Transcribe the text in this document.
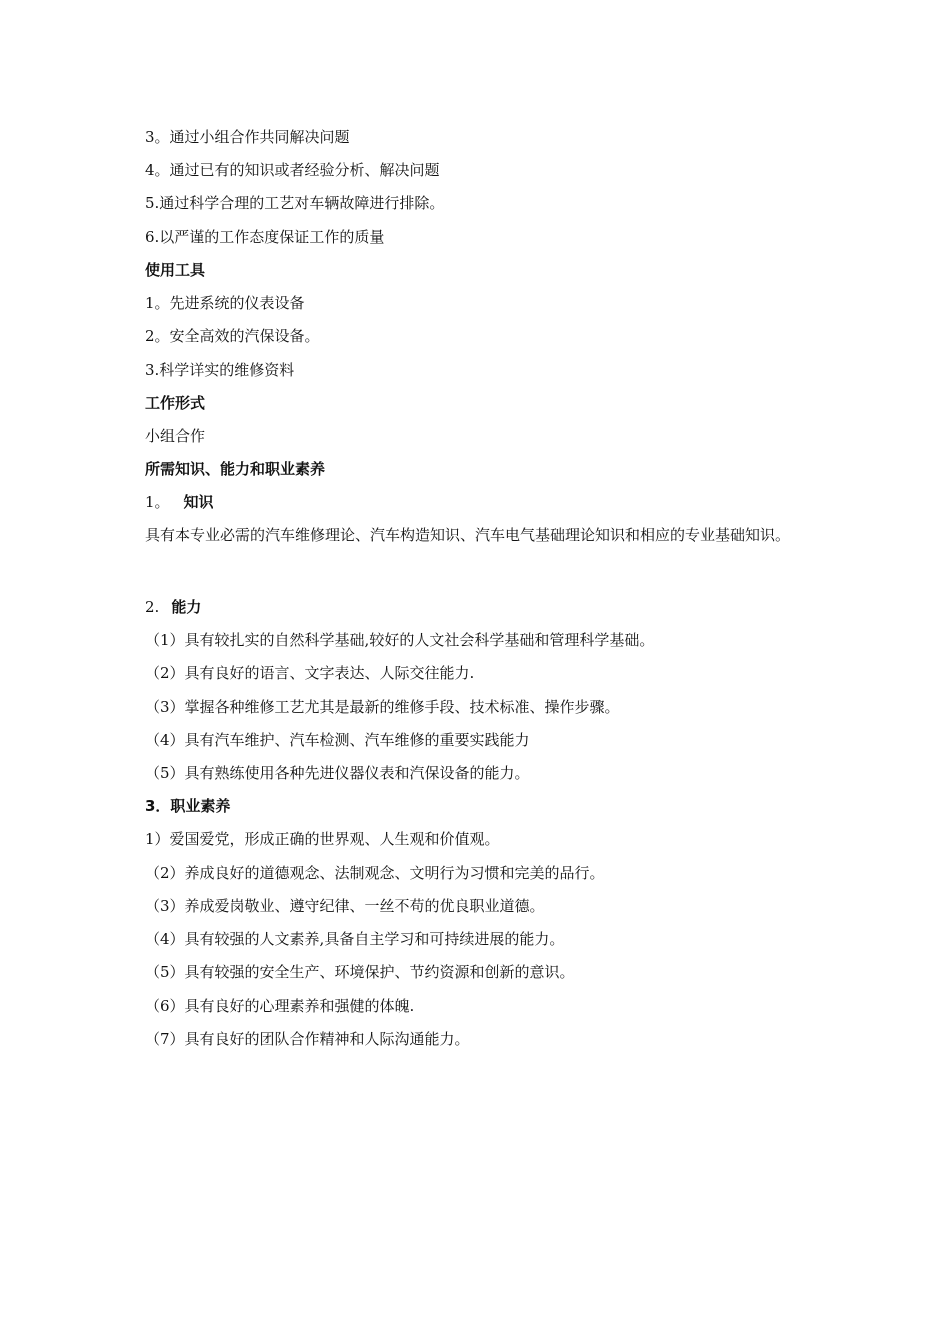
3。通过小组合作共同解决问题
4。通过已有的知识或者经验分析、解决问题
5.通过科学合理的工艺对车辆故障进行排除。
6.以严谨的工作态度保证工作的质量
使用工具
1。先进系统的仪表设备
2。安全高效的汽保设备。
3.科学详实的维修资料
工作形式
小组合作
所需知识、能力和职业素养
1。 知识
具有本专业必需的汽车维修理论、汽车构造知识、汽车电气基础理论知识和相应的专业基础知识。
2. 能力
（1）具有较扎实的自然科学基础,较好的人文社会科学基础和管理科学基础。
（2）具有良好的语言、文字表达、人际交往能力.
（3）掌握各种维修工艺尤其是最新的维修手段、技术标准、操作步骤。
（4）具有汽车维护、汽车检测、汽车维修的重要实践能力
（5）具有熟练使用各种先进仪器仪表和汽保设备的能力。
3．职业素养
1）爱国爱党，形成正确的世界观、人生观和价值观。
（2）养成良好的道德观念、法制观念、文明行为习惯和完美的品行。
（3）养成爱岗敬业、遵守纪律、一丝不苟的优良职业道德。
（4）具有较强的人文素养,具备自主学习和可持续进展的能力。
（5）具有较强的安全生产、环境保护、节约资源和创新的意识。
（6）具有良好的心理素养和强健的体魄.
（7）具有良好的团队合作精神和人际沟通能力。
